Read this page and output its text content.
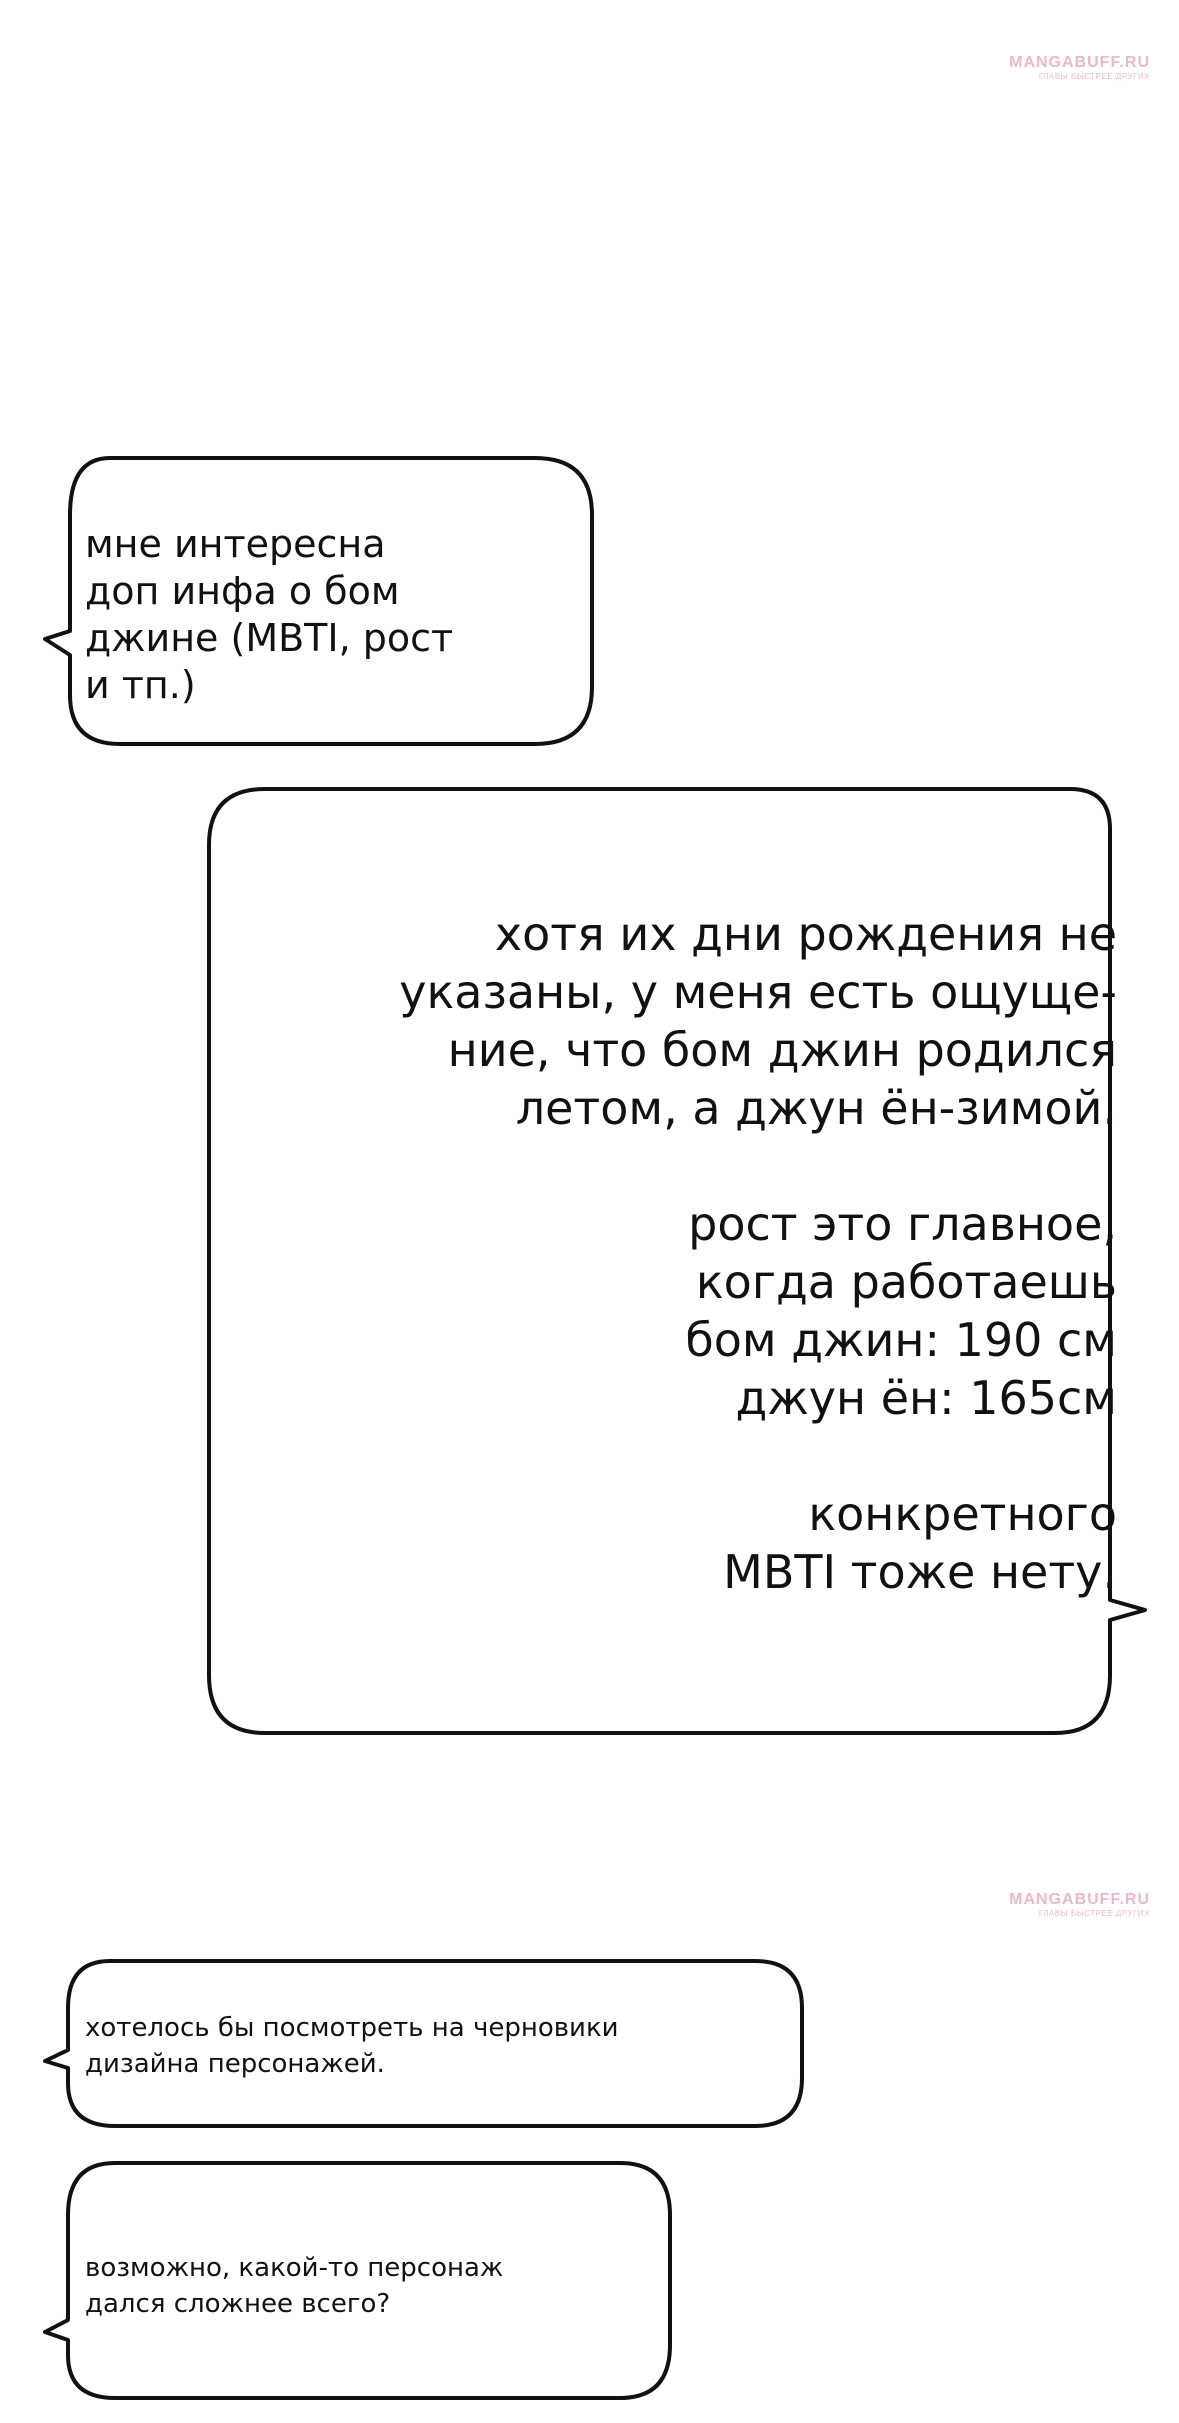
MANGABUFF.RU
ГЛАВЫ БЫСТРЕЕ ДРУГИХ
мне интересна
доп инфа о бом
джине (MBTI, рост
и тп.)
хотя их дни рождения не
указаны, у меня есть ощуще-
ние, что бом джин родился
летом, а джун ён-зимой.

рост это главное,
когда работаешь
бом джин: 190 см
джун ён: 165см

конкретного
MBTI тоже нету.
MANGABUFF.RU
ГЛАВЫ БЫСТРЕЕ ДРУГИХ
хотелось бы посмотреть на черновики
дизайна персонажей.
возможно, какой-то персонаж
дался сложнее всего?
